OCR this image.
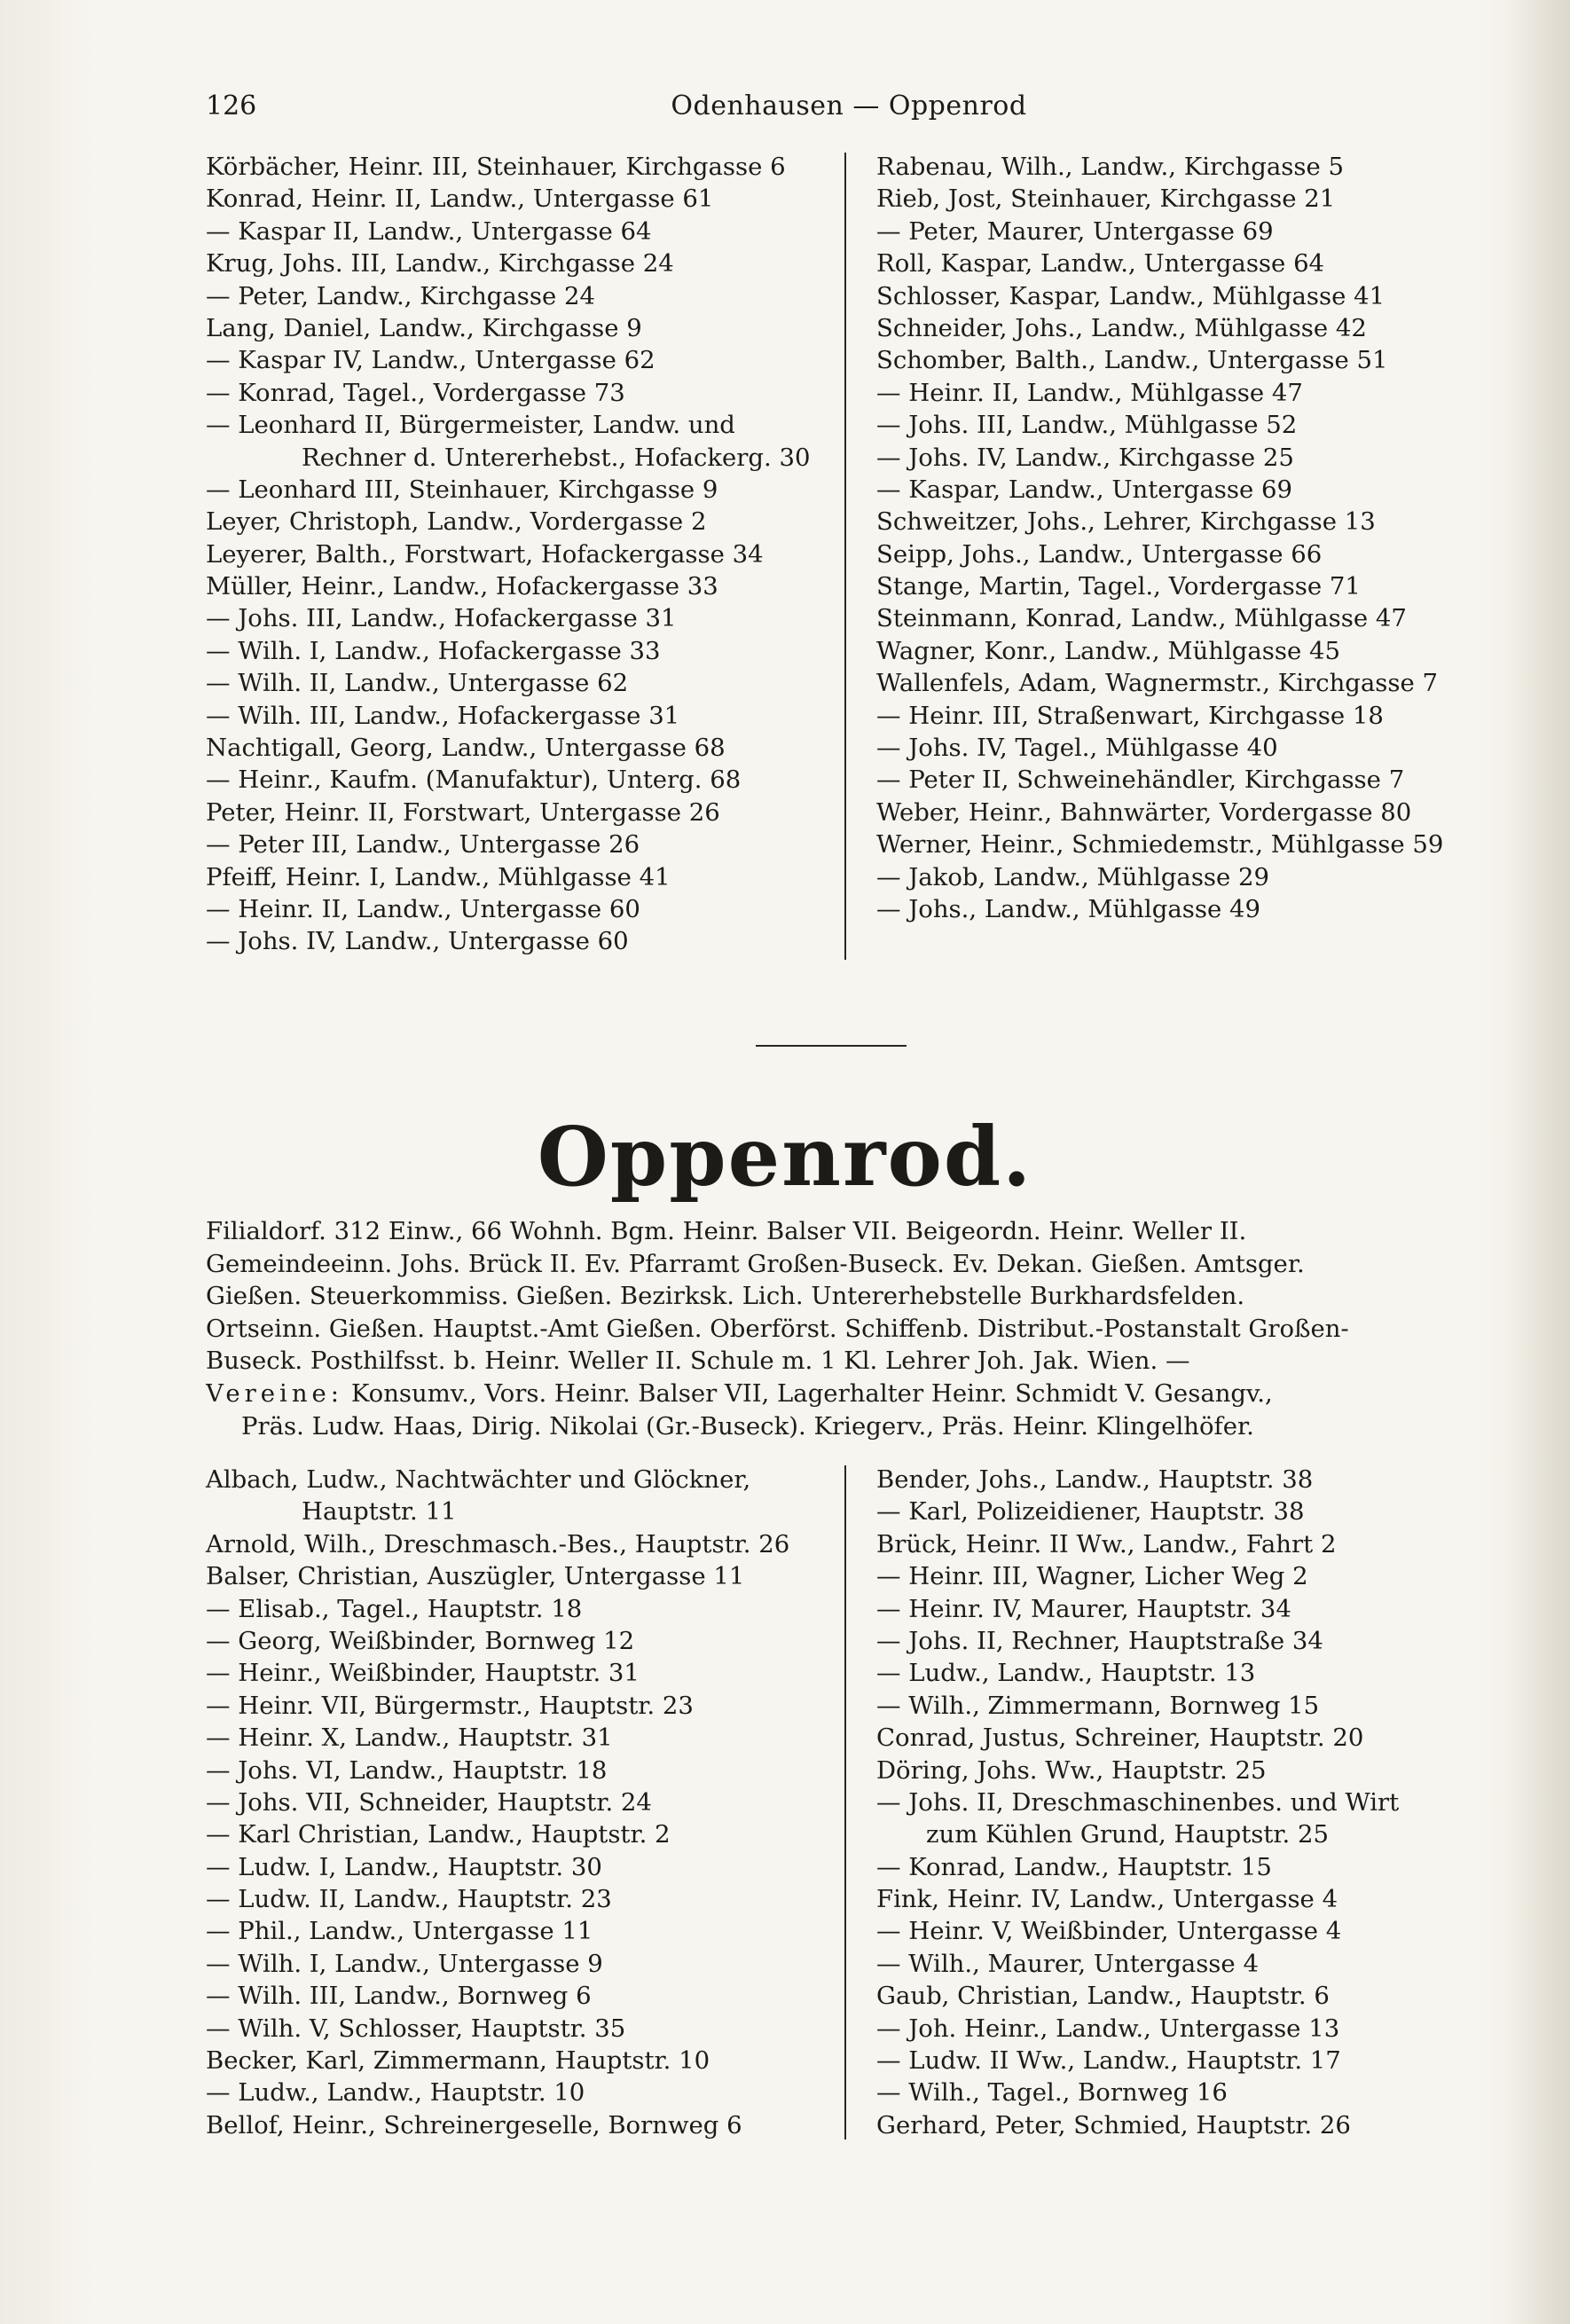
126	Odenhausen — Oppenrod
Körbächer, Heinr. III, Steinhauer, Kirchgasse 6
Konrad, Heinr. II, Landw., Untergasse 61
— Kaspar II, Landw., Untergasse 64
Krug, Johs. III, Landw., Kirchgasse 24
— Peter, Landw., Kirchgasse 24
Lang, Daniel, Landw., Kirchgasse 9
— Kaspar IV, Landw., Untergasse 62
— Konrad, Tagel., Vordergasse 73
— Leonhard II, Bürgermeister, Landw. und
Rechner d. Untererhebst., Hofackerg. 30
— Leonhard III, Steinhauer, Kirchgasse 9
Leyer, Christoph, Landw., Vordergasse 2
Leyerer, Balth., Forstwart, Hofackergasse 34
Müller, Heinr., Landw., Hofackergasse 33
— Johs. III, Landw., Hofackergasse 31
— Wilh. I, Landw., Hofackergasse 33
— Wilh. II, Landw., Untergasse 62
— Wilh. III, Landw., Hofackergasse 31
Nachtigall, Georg, Landw., Untergasse 68
— Heinr., Kaufm. (Manufaktur), Unterg. 68
Peter, Heinr. II, Forstwart, Untergasse 26
— Peter III, Landw., Untergasse 26
Pfeiff, Heinr. I, Landw., Mühlgasse 41
— Heinr. II, Landw., Untergasse 60
— Johs. IV, Landw., Untergasse 60
Rabenau, Wilh., Landw., Kirchgasse 5
Rieb, Jost, Steinhauer, Kirchgasse 21
— Peter, Maurer, Untergasse 69
Roll, Kaspar, Landw., Untergasse 64
Schlosser, Kaspar, Landw., Mühlgasse 41
Schneider, Johs., Landw., Mühlgasse 42
Schomber, Balth., Landw., Untergasse 51
— Heinr. II, Landw., Mühlgasse 47
— Johs. III, Landw., Mühlgasse 52
— Johs. IV, Landw., Kirchgasse 25
— Kaspar, Landw., Untergasse 69
Schweitzer, Johs., Lehrer, Kirchgasse 13
Seipp, Johs., Landw., Untergasse 66
Stange, Martin, Tagel., Vordergasse 71
Steinmann, Konrad, Landw., Mühlgasse 47
Wagner, Konr., Landw., Mühlgasse 45
Wallenfels, Adam, Wagnermstr., Kirchgasse 7
— Heinr. III, Straßenwart, Kirchgasse 18
— Johs. IV, Tagel., Mühlgasse 40
— Peter II, Schweinehändler, Kirchgasse 7
Weber, Heinr., Bahnwärter, Vordergasse 80
Werner, Heinr., Schmiedemstr., Mühlgasse 59
— Jakob, Landw., Mühlgasse 29
— Johs., Landw., Mühlgasse 49
Oppenrod.
Filialdorf. 312 Einw., 66 Wohnh. Bgm. Heinr. Balser VII. Beigeordn. Heinr. Weller II.
Gemeindeeinn. Johs. Brück II. Ev. Pfarramt Großen-Buseck. Ev. Dekan. Gießen. Amtsger.
Gießen. Steuerkommiss. Gießen. Bezirksk. Lich. Untererhebstelle Burkhardsfelden.
Ortseinn. Gießen. Hauptst.-Amt Gießen. Oberförst. Schiffenb. Distribut.-Postanstalt Großen-
Buseck. Posthilfsst. b. Heinr. Weller II. Schule m. 1 Kl. Lehrer Joh. Jak. Wien. —
Vereine: Konsumv., Vors. Heinr. Balser VII, Lagerhalter Heinr. Schmidt V. Gesangv.,
Präs. Ludw. Haas, Dirig. Nikolai (Gr.-Buseck). Kriegerv., Präs. Heinr. Klingelhöfer.
Albach, Ludw., Nachtwächter und Glöckner,
Hauptstr. 11
Arnold, Wilh., Dreschmasch.-Bes., Hauptstr. 26
Balser, Christian, Auszügler, Untergasse 11
— Elisab., Tagel., Hauptstr. 18
— Georg, Weißbinder, Bornweg 12
— Heinr., Weißbinder, Hauptstr. 31
— Heinr. VII, Bürgermstr., Hauptstr. 23
— Heinr. X, Landw., Hauptstr. 31
— Johs. VI, Landw., Hauptstr. 18
— Johs. VII, Schneider, Hauptstr. 24
— Karl Christian, Landw., Hauptstr. 2
— Ludw. I, Landw., Hauptstr. 30
— Ludw. II, Landw., Hauptstr. 23
— Phil., Landw., Untergasse 11
— Wilh. I, Landw., Untergasse 9
— Wilh. III, Landw., Bornweg 6
— Wilh. V, Schlosser, Hauptstr. 35
Becker, Karl, Zimmermann, Hauptstr. 10
— Ludw., Landw., Hauptstr. 10
Bellof, Heinr., Schreinergeselle, Bornweg 6
Bender, Johs., Landw., Hauptstr. 38
— Karl, Polizeidiener, Hauptstr. 38
Brück, Heinr. II Ww., Landw., Fahrt 2
— Heinr. III, Wagner, Licher Weg 2
— Heinr. IV, Maurer, Hauptstr. 34
— Johs. II, Rechner, Hauptstraße 34
— Ludw., Landw., Hauptstr. 13
— Wilh., Zimmermann, Bornweg 15
Conrad, Justus, Schreiner, Hauptstr. 20
Döring, Johs. Ww., Hauptstr. 25
— Johs. II, Dreschmaschinenbes. und Wirt
zum Kühlen Grund, Hauptstr. 25
— Konrad, Landw., Hauptstr. 15
Fink, Heinr. IV, Landw., Untergasse 4
— Heinr. V, Weißbinder, Untergasse 4
— Wilh., Maurer, Untergasse 4
Gaub, Christian, Landw., Hauptstr. 6
— Joh. Heinr., Landw., Untergasse 13
— Ludw. II Ww., Landw., Hauptstr. 17
— Wilh., Tagel., Bornweg 16
Gerhard, Peter, Schmied, Hauptstr. 26
